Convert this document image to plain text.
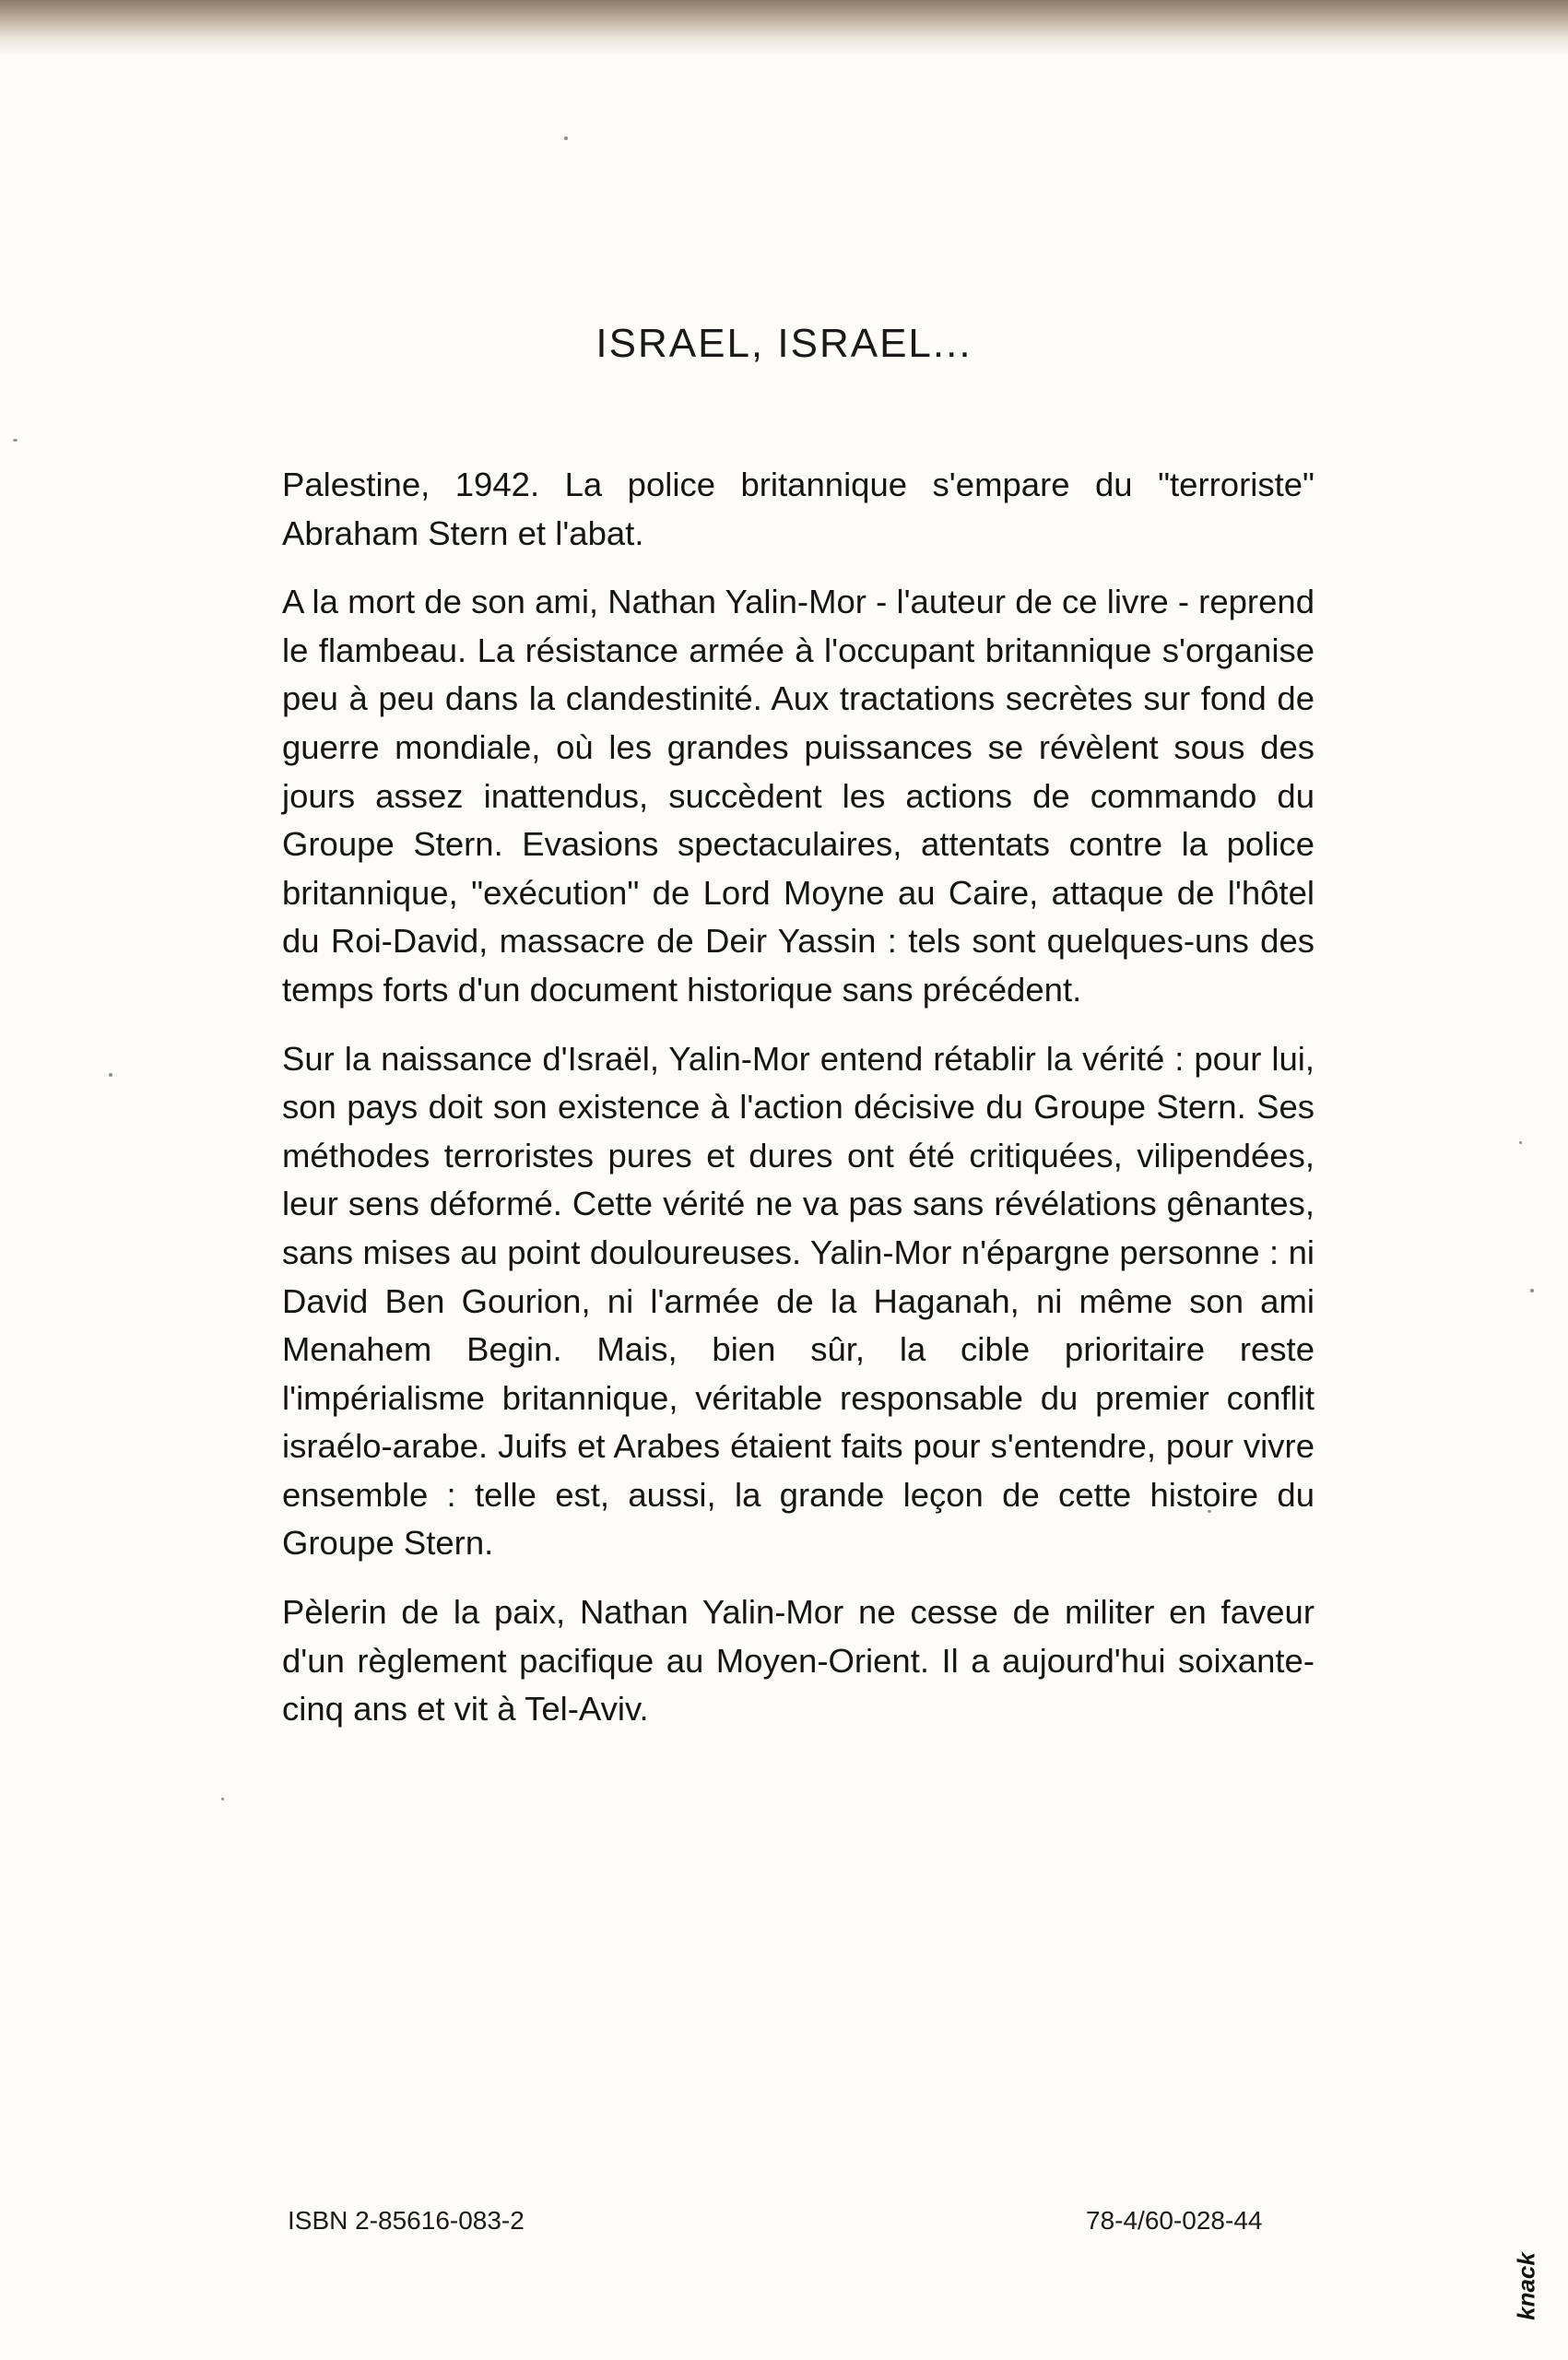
ISRAEL, ISRAEL...

Palestine, 1942. La police britannique s'empare du "terroriste" Abraham Stern et l'abat.

A la mort de son ami, Nathan Yalin-Mor - l'auteur de ce livre - reprend le flambeau. La résistance armée à l'occupant britannique s'organise peu à peu dans la clandestinité. Aux tractations secrètes sur fond de guerre mondiale, où les grandes puissances se révèlent sous des jours assez inattendus, succèdent les actions de commando du Groupe Stern. Evasions spectaculaires, attentats contre la police britannique, "exécution" de Lord Moyne au Caire, attaque de l'hôtel du Roi-David, massacre de Deir Yassin : tels sont quelques-uns des temps forts d'un document historique sans précédent.

Sur la naissance d'Israël, Yalin-Mor entend rétablir la vérité : pour lui, son pays doit son existence à l'action décisive du Groupe Stern. Ses méthodes terroristes pures et dures ont été critiquées, vilipendées, leur sens déformé. Cette vérité ne va pas sans révélations gênantes, sans mises au point douloureuses. Yalin-Mor n'épargne personne : ni David Ben Gourion, ni l'armée de la Haganah, ni même son ami Menahem Begin. Mais, bien sûr, la cible prioritaire reste l'impérialisme britannique, véritable responsable du premier conflit israélo-arabe. Juifs et Arabes étaient faits pour s'entendre, pour vivre ensemble : telle est, aussi, la grande leçon de cette histoire du Groupe Stern.

Pèlerin de la paix, Nathan Yalin-Mor ne cesse de militer en faveur d'un règlement pacifique au Moyen-Orient. Il a aujourd'hui soixante-cinq ans et vit à Tel-Aviv.

ISBN 2-85616-083-2	78-4/60-028-44
knack
